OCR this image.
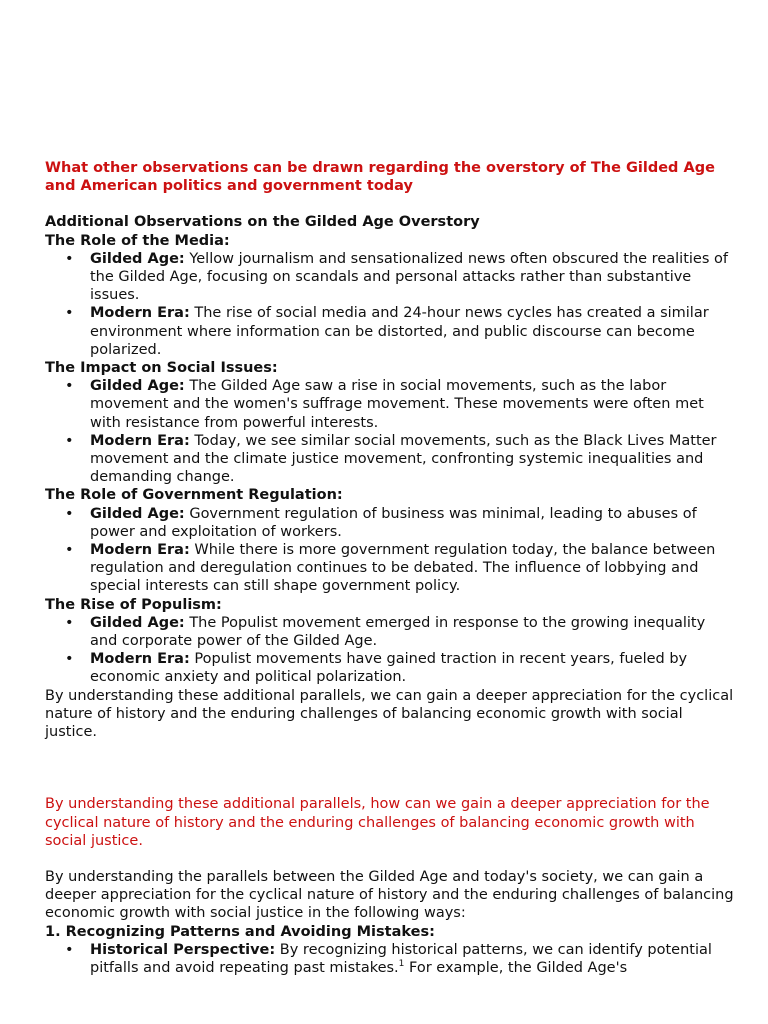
What other observations can be drawn regarding the overstory of The Gilded Age and American politics and government today

Additional Observations on the Gilded Age Overstory

The Role of the Media:

• Gilded Age: Yellow journalism and sensationalized news often obscured the realities of the Gilded Age, focusing on scandals and personal attacks rather than substantive issues.
• Modern Era: The rise of social media and 24-hour news cycles has created a similar environment where information can be distorted, and public discourse can become polarized.

The Impact on Social Issues:

• Gilded Age: The Gilded Age saw a rise in social movements, such as the labor movement and the women's suffrage movement. These movements were often met with resistance from powerful interests.
• Modern Era: Today, we see similar social movements, such as the Black Lives Matter movement and the climate justice movement, confronting systemic inequalities and demanding change.

The Role of Government Regulation:

• Gilded Age: Government regulation of business was minimal, leading to abuses of power and exploitation of workers.
• Modern Era: While there is more government regulation today, the balance between regulation and deregulation continues to be debated. The influence of lobbying and special interests can still shape government policy.

The Rise of Populism:

• Gilded Age: The Populist movement emerged in response to the growing inequality and corporate power of the Gilded Age.
• Modern Era: Populist movements have gained traction in recent years, fueled by economic anxiety and political polarization.

By understanding these additional parallels, we can gain a deeper appreciation for the cyclical nature of history and the enduring challenges of balancing economic growth with social justice.

By understanding these additional parallels, how can we gain a deeper appreciation for the cyclical nature of history and the enduring challenges of balancing economic growth with social justice.

By understanding the parallels between the Gilded Age and today's society, we can gain a deeper appreciation for the cyclical nature of history and the enduring challenges of balancing economic growth with social justice in the following ways:

1. Recognizing Patterns and Avoiding Mistakes:

• Historical Perspective: By recognizing historical patterns, we can identify potential pitfalls and avoid repeating past mistakes.$^1$ For example, the Gilded Age's
